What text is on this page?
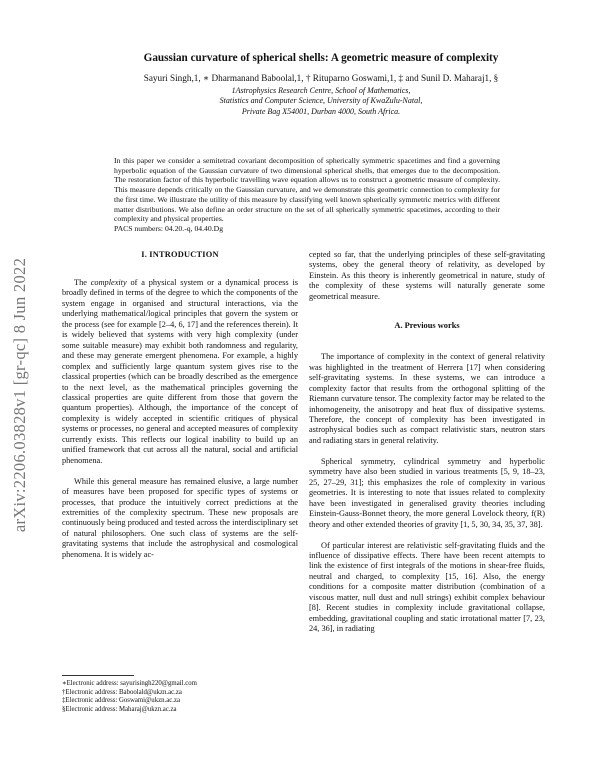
arXiv:2206.03828v1 [gr-qc] 8 Jun 2022
Gaussian curvature of spherical shells: A geometric measure of complexity
Sayuri Singh,1, ∗ Dharmanand Baboolal,1, † Rituparno Goswami,1, ‡ and Sunil D. Maharaj1, §
1Astrophysics Research Centre, School of Mathematics,
Statistics and Computer Science, University of KwaZulu-Natal,
Private Bag X54001, Durban 4000, South Africa.
In this paper we consider a semitetrad covariant decomposition of spherically symmetric spacetimes and find a governing hyperbolic equation of the Gaussian curvature of two dimensional spherical shells, that emerges due to the decomposition. The restoration factor of this hyperbolic travelling wave equation allows us to construct a geometric measure of complexity. This measure depends critically on the Gaussian curvature, and we demonstrate this geometric connection to complexity for the first time. We illustrate the utility of this measure by classifying well known spherically symmetric metrics with different matter distributions. We also define an order structure on the set of all spherically symmetric spacetimes, according to their complexity and physical properties.
PACS numbers: 04.20.-q, 04.40.Dg
I. INTRODUCTION

The complexity of a physical system or a dynamical process is broadly defined in terms of the degree to which the components of the system engage in organised and structural interactions, via the underlying mathematical/logical principles that govern the system or the process (see for example [2–4, 6, 17] and the references therein). It is widely believed that systems with very high complexity (under some suitable measure) may exhibit both randomness and regularity, and these may generate emergent phenomena. For example, a highly complex and sufficiently large quantum system gives rise to the classical properties (which can be broadly described as the emergence to the next level, as the mathematical principles governing the classical properties are quite different from those that govern the quantum properties). Although, the importance of the concept of complexity is widely accepted in scientific critiques of physical systems or processes, no general and accepted measures of complexity currently exists. This reflects our logical inability to build up an unified framework that cut across all the natural, social and artificial phenomena.

While this general measure has remained elusive, a large number of measures have been proposed for specific types of systems or processes, that produce the intuitively correct predictions at the extremities of the complexity spectrum. These new proposals are continuously being produced and tested across the interdisciplinary set of natural philosophers. One such class of systems are the self-gravitating systems that include the astrophysical and cosmological phenomena. It is widely ac-

cepted so far, that the underlying principles of these self-gravitating systems, obey the general theory of relativity, as developed by Einstein. As this theory is inherently geometrical in nature, study of the complexity of these systems will naturally generate some geometrical measure.

A. Previous works

The importance of complexity in the context of general relativity was highlighted in the treatment of Herrera [17] when considering self-gravitating systems. In these systems, we can introduce a complexity factor that results from the orthogonal splitting of the Riemann curvature tensor. The complexity factor may be related to the inhomogeneity, the anisotropy and heat flux of dissipative systems. Therefore, the concept of complexity has been investigated in astrophysical bodies such as compact relativistic stars, neutron stars and radiating stars in general relativity.

Spherical symmetry, cylindrical symmetry and hyperbolic symmetry have also been studied in various treatments [5, 9, 18–23, 25, 27–29, 31]; this emphasizes the role of complexity in various geometries. It is interesting to note that issues related to complexity have been investigated in generalised gravity theories including Einstein-Gauss-Bonnet theory, the more general Lovelock theory, f(R) theory and other extended theories of gravity [1, 5, 30, 34, 35, 37, 38].

Of particular interest are relativistic self-gravitating fluids and the influence of dissipative effects. There have been recent attempts to link the existence of first integrals of the motions in shear-free fluids, neutral and charged, to complexity [15, 16]. Also, the energy conditions for a composite matter distribution (combination of a viscous matter, null dust and null strings) exhibit complex behaviour [8]. Recent studies in complexity include gravitational collapse, embedding, gravitational coupling and static irrotational matter [7, 23, 24, 36], in radiating

∗Electronic address: sayurisingh220@gmail.com
†Electronic address: Baboolald@ukzn.ac.za
‡Electronic address: Goswami@ukzn.ac.za
§Electronic address: Maharaj@ukzn.ac.za
